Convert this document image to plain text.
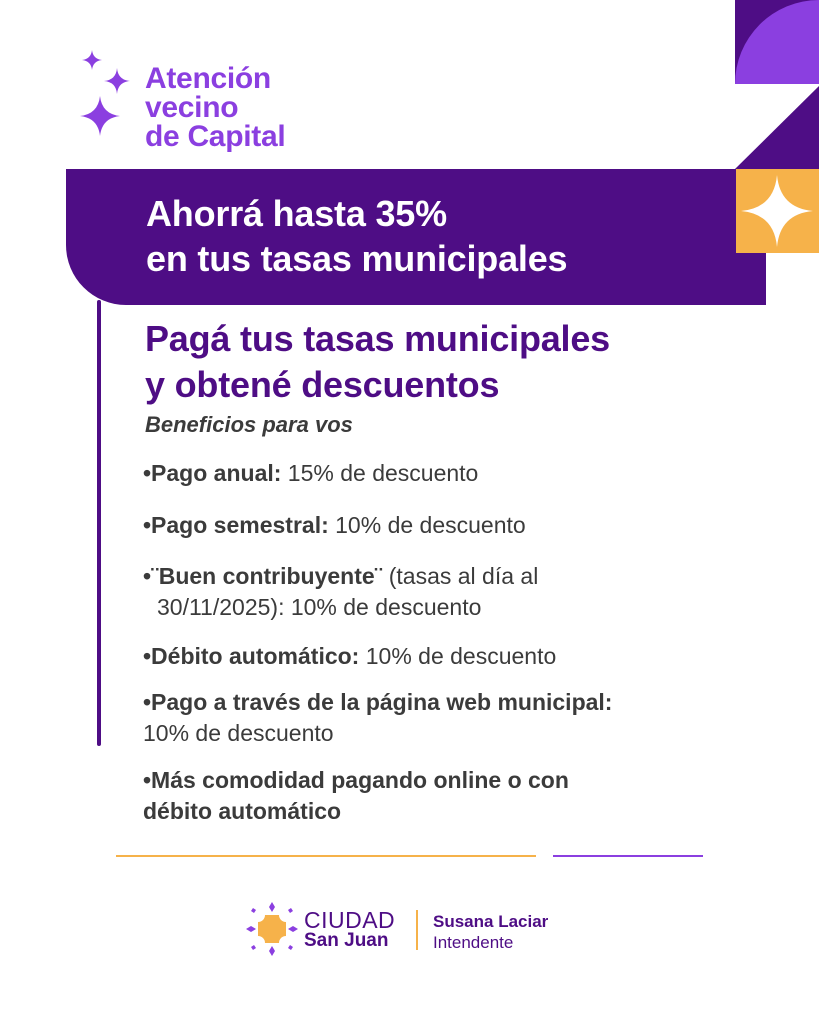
Atención
vecino
de Capital
Ahorrá hasta 35%
en tus tasas municipales
Pagá tus tasas municipales
y obtené descuentos
Beneficios para vos
•Pago anual: 15% de descuento
•Pago semestral: 10% de descuento
•¨Buen contribuyente¨ (tasas al día al
30/11/2025): 10% de descuento
•Débito automático: 10% de descuento
•Pago a través de la página web municipal:
10% de descuento
•Más comodidad pagando online o con
débito automático
CIUDAD
San Juan
Susana Laciar
Intendente
